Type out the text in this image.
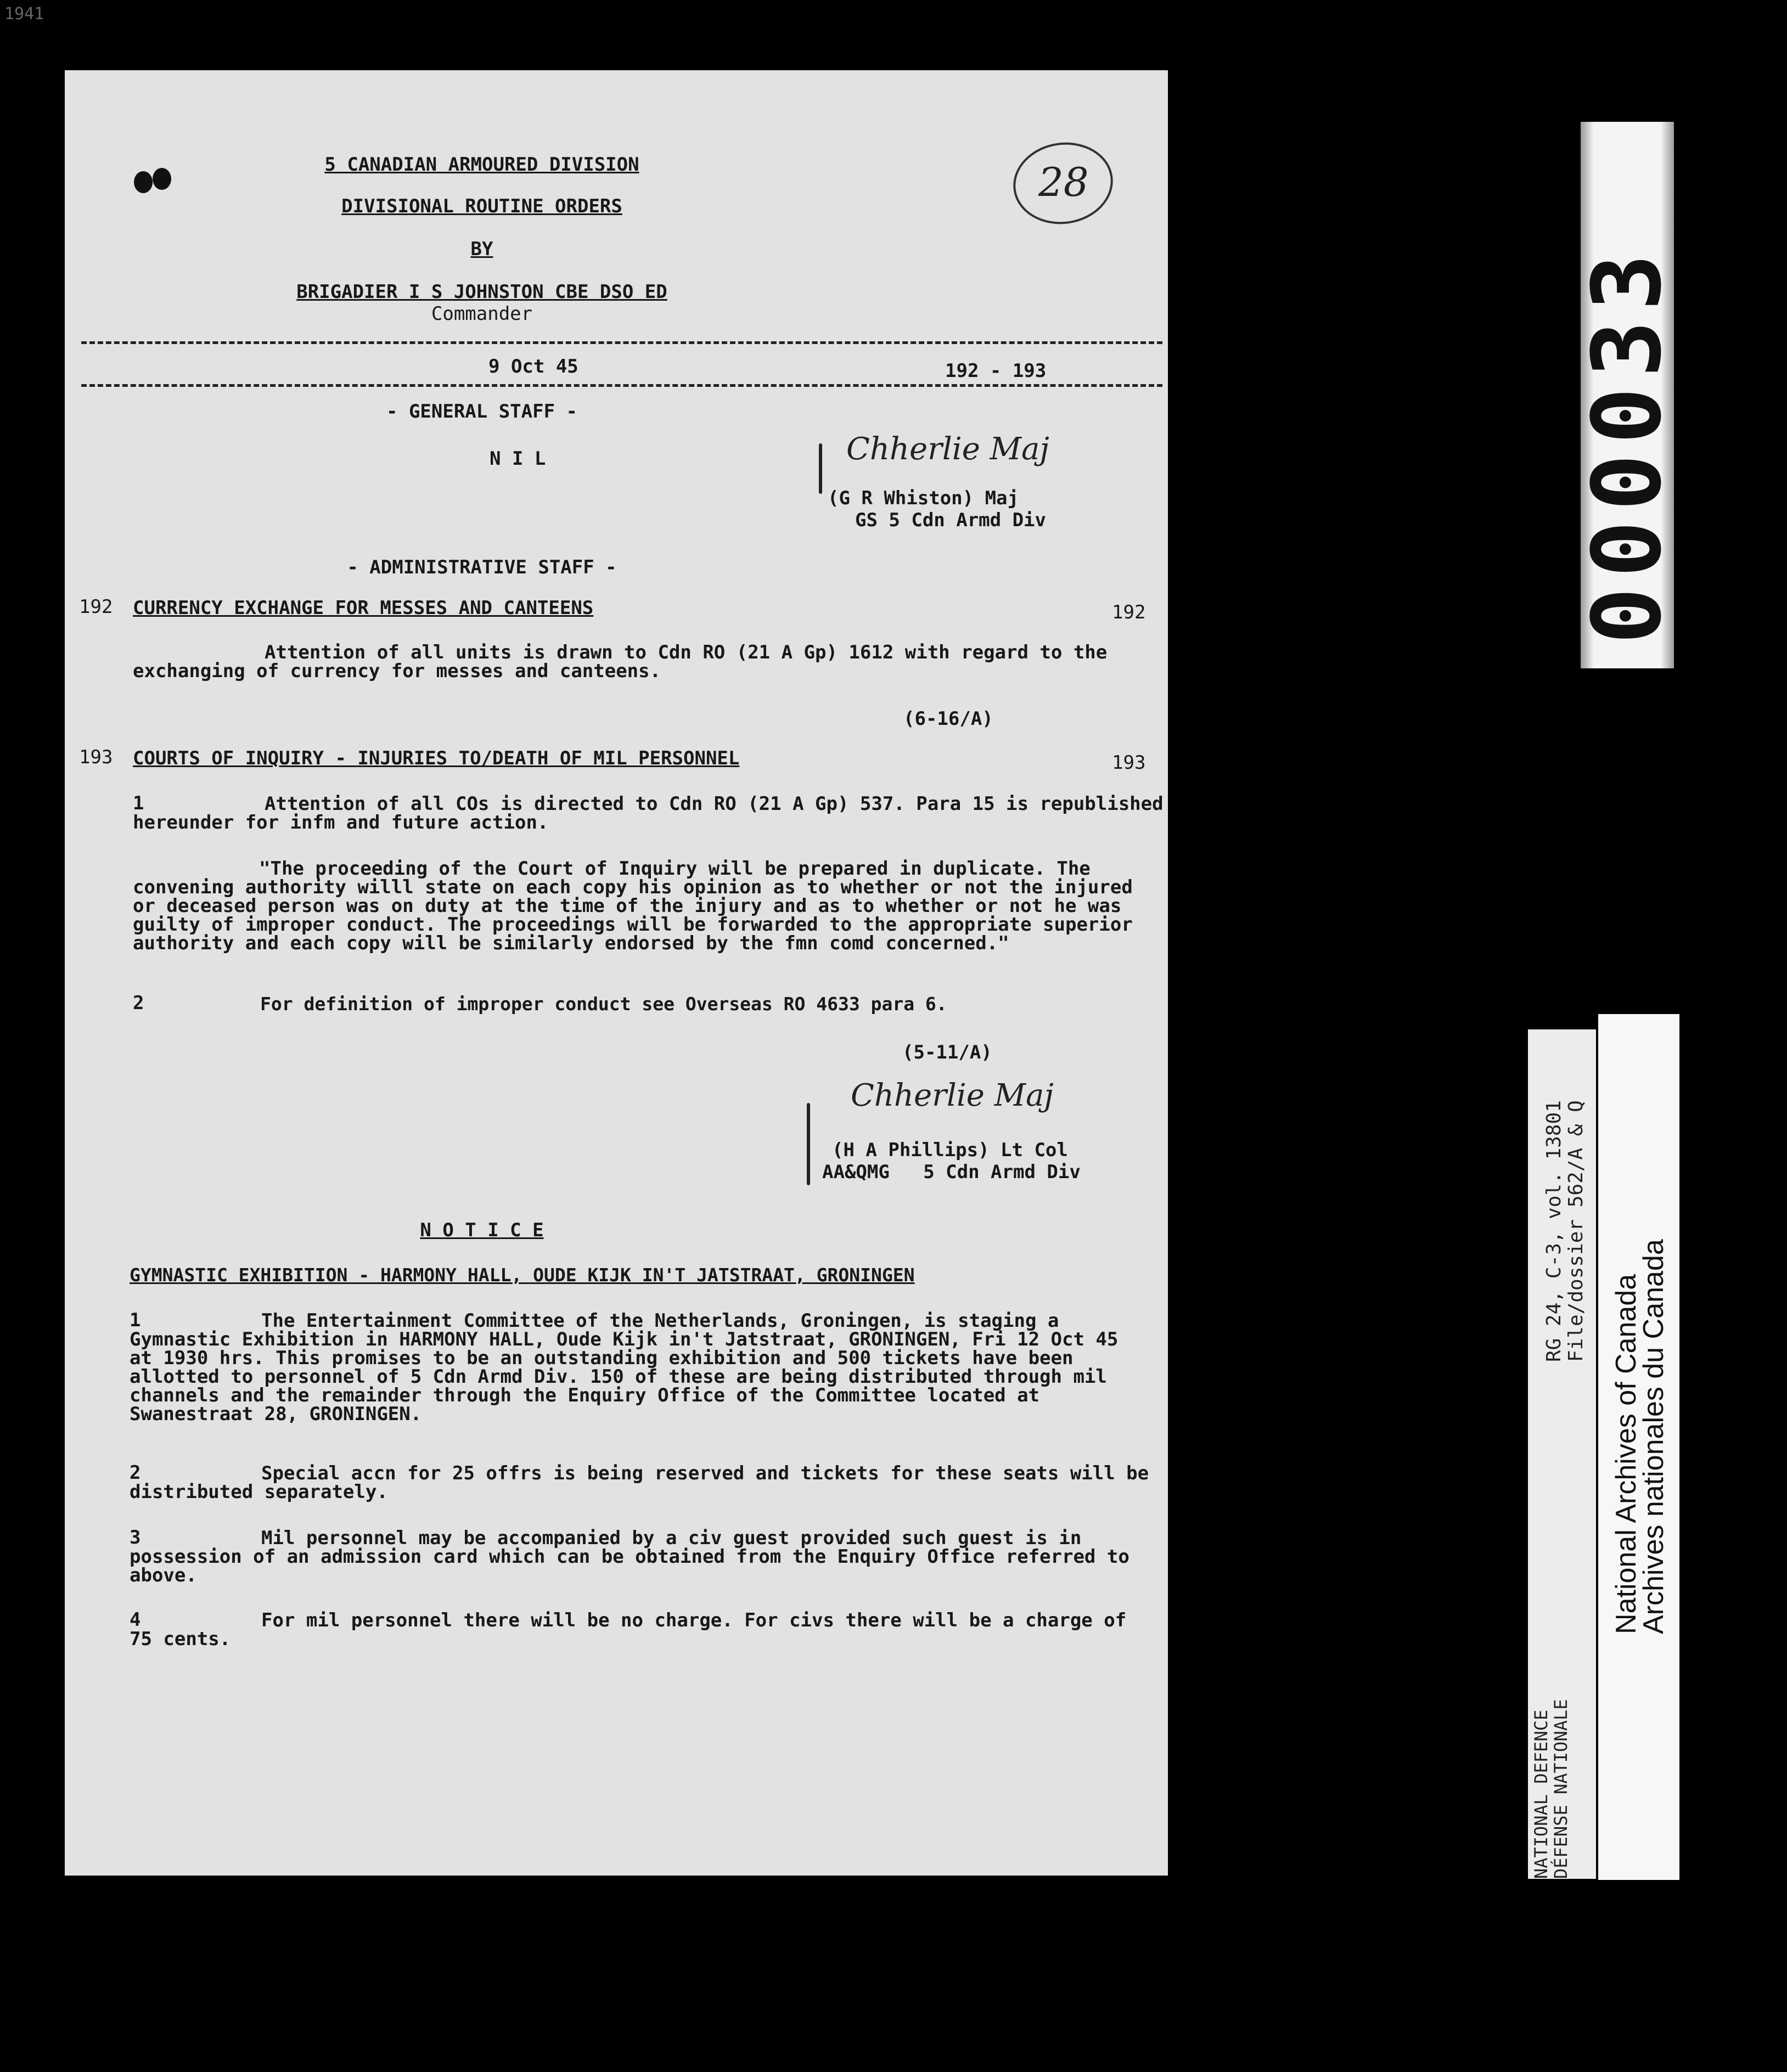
1941
28
5 CANADIAN ARMOURED DIVISION
DIVISIONAL ROUTINE ORDERS
BY
BRIGADIER I S JOHNSTON CBE DSO ED
Commander
9 Oct 45	192 - 193
- GENERAL STAFF -
N I L	Chherlie Maj
(G R Whiston) Maj
GS 5 Cdn Armd Div
- ADMINISTRATIVE STAFF -
192 CURRENCY EXCHANGE FOR MESSES AND CANTEENS	192
Attention of all units is drawn to Cdn RO (21 A Gp) 1612 with regard to the exchanging of currency for messes and canteens.
(6-16/A)
193 COURTS OF INQUIRY - INJURIES TO/DEATH OF MIL PERSONNEL	193
1	Attention of all COs is directed to Cdn RO (21 A Gp) 537. Para 15 is republished hereunder for infm and future action.
"The proceeding of the Court of Inquiry will be prepared in duplicate. The convening authority willl state on each copy his opinion as to whether or not the injured or deceased person was on duty at the time of the injury and as to whether or not he was guilty of improper conduct. The proceedings will be forwarded to the appropriate superior authority and each copy will be similarly endorsed by the fmn comd concerned."
2	For definition of improper conduct see Overseas RO 4633 para 6.
(5-11/A)
Chherlie Maj
(H A Phillips) Lt Col
AA&QMG   5 Cdn Armd Div
N O T I C E
GYMNASTIC EXHIBITION - HARMONY HALL, OUDE KIJK IN'T JATSTRAAT, GRONINGEN
1	The Entertainment Committee of the Netherlands, Groningen, is staging a Gymnastic Exhibition in HARMONY HALL, Oude Kijk in't Jatstraat, GRONINGEN, Fri 12 Oct 45 at 1930 hrs. This promises to be an outstanding exhibition and 500 tickets have been allotted to personnel of 5 Cdn Armd Div. 150 of these are being distributed through mil channels and the remainder through the Enquiry Office of the Committee located at Swanestraat 28, GRONINGEN.
2	Special accn for 25 offrs is being reserved and tickets for these seats will be distributed separately.
3	Mil personnel may be accompanied by a civ guest provided such guest is in possession of an admission card which can be obtained from the Enquiry Office referred to above.
4	For mil personnel there will be no charge. For civs there will be a charge of 75 cents.
000033
NATIONAL DEFENCE
DÉFENSE NATIONALE
RG 24, C-3, vol. 13801 File/dossier 562/A & Q
National Archives of Canada
Archives nationales du Canada
